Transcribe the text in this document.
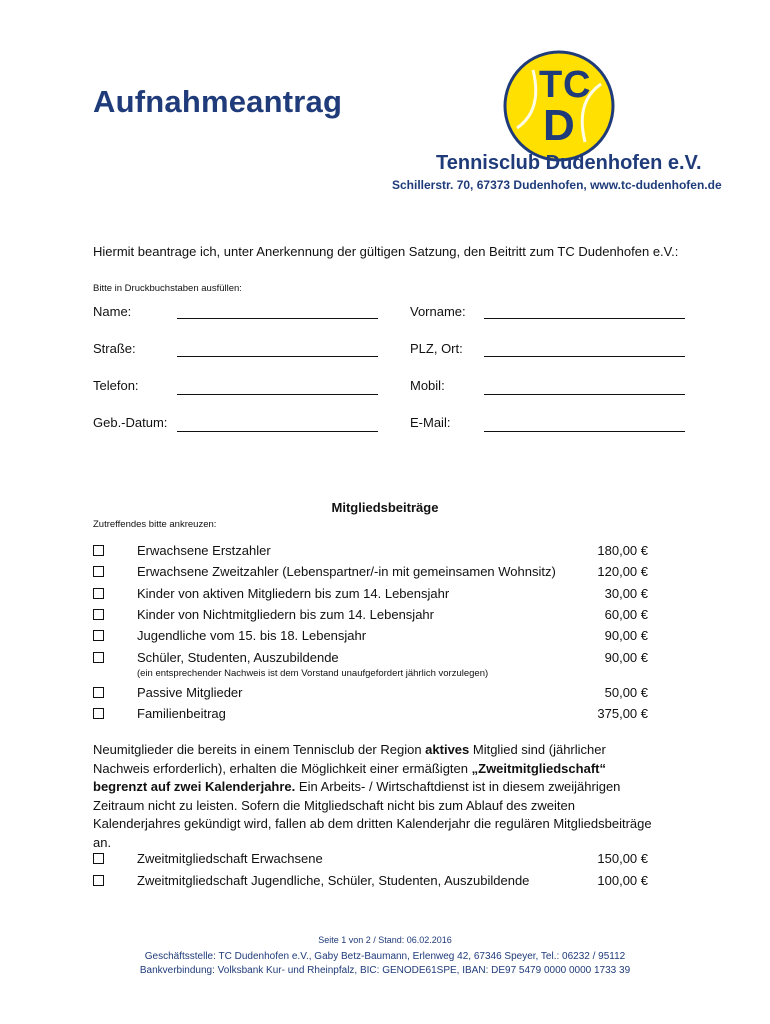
Aufnahmeantrag	T C
D
Tennisclub Dudenhofen e.V.
Schillerstr. 70, 67373 Dudenhofen, www.tc-dudenhofen.de
Hiermit beantrage ich, unter Anerkennung der gültigen Satzung, den Beitritt zum TC Dudenhofen e.V.:
Bitte in Druckbuchstaben ausfüllen:
Name:	Vorname:
Straße:	PLZ, Ort:
Telefon:	Mobil:
Geb.-Datum:	E-Mail:
Mitgliedsbeiträge
Zutreffendes bitte ankreuzen:
Erwachsene Erstzahler	180,00 €
Erwachsene Zweitzahler (Lebenspartner/-in mit gemeinsamen Wohnsitz)	120,00 €
Kinder von aktiven Mitgliedern bis zum 14. Lebensjahr	30,00 €
Kinder von Nichtmitgliedern bis zum 14. Lebensjahr	60,00 €
Jugendliche vom 15. bis 18. Lebensjahr	90,00 €
Schüler, Studenten, Auszubildende	90,00 €
(ein entsprechender Nachweis ist dem Vorstand unaufgefordert jährlich vorzulegen)
Passive Mitglieder	50,00 €
Familienbeitrag	375,00 €
Neumitglieder die bereits in einem Tennisclub der Region aktives Mitglied sind (jährlicher Nachweis erforderlich), erhalten die Möglichkeit einer ermäßigten „Zweitmitgliedschaft“ begrenzt auf zwei Kalenderjahre. Ein Arbeits- / Wirtschaftdienst ist in diesem zweijährigen Zeitraum nicht zu leisten. Sofern die Mitgliedschaft nicht bis zum Ablauf des zweiten Kalenderjahres gekündigt wird, fallen ab dem dritten Kalenderjahr die regulären Mitgliedsbeiträge an.
Zweitmitgliedschaft Erwachsene	150,00 €
Zweitmitgliedschaft Jugendliche, Schüler, Studenten, Auszubildende	100,00 €
Seite 1 von 2 / Stand: 06.02.2016
Geschäftsstelle: TC Dudenhofen e.V., Gaby Betz-Baumann, Erlenweg 42, 67346 Speyer, Tel.: 06232 / 95112
Bankverbindung: Volksbank Kur- und Rheinpfalz, BIC: GENODE61SPE, IBAN: DE97 5479 0000 0000 1733 39
